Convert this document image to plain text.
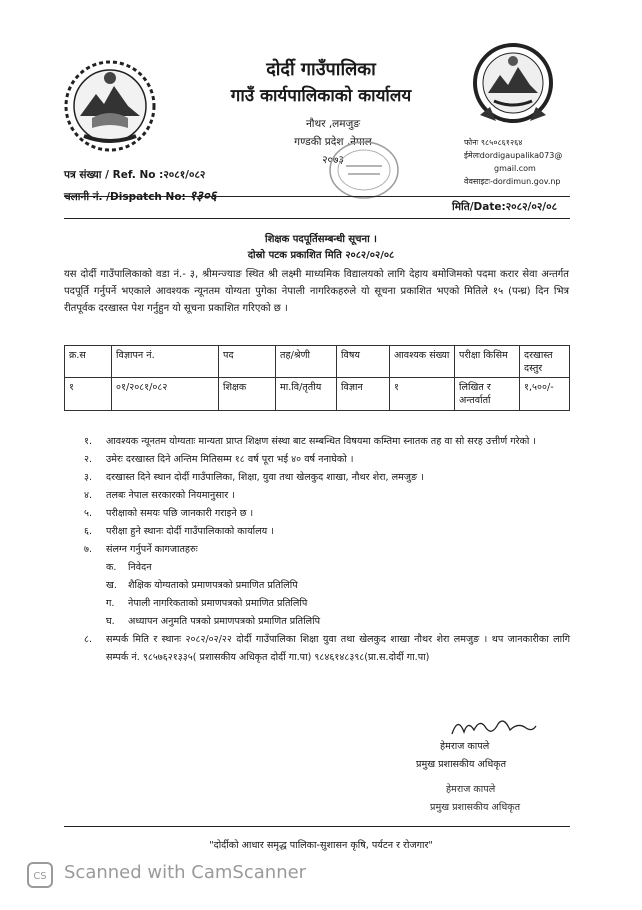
दोर्दी गाउँपालिका
गाउँ कार्यपालिकाको कार्यालय
नौथर ,लमजुङ
गण्डकी प्रदेश ,नेपाल
२०७३
फोनः ९८५०८६१२६४
ईमेलःdordigaupalika073@
gmail.com
वेवसाइटः-dordimun.gov.np
पत्र संख्या / Ref. No :२०८१/०८२
चलानी नं. /Dispatch No: १३०६
मिति/Date:२०८२/०२/०८
शिक्षक पदपूर्तिसम्बन्धी सूचना ।
दोस्रो पटक प्रकाशित मिति २०८२/०२/०८
यस दोर्दी गाउँपालिकाको वडा नं.- ३, श्रीमन्ज्याङ स्थित श्री लक्ष्मी माध्यमिक विद्यालयको लागि देहाय बमोजिमको पदमा करार सेवा अन्तर्गत पदपूर्ति गर्नुपर्ने भएकाले आवश्यक न्यूनतम योग्यता पुगेका नेपाली नागरिकहरुले यो सूचना प्रकाशित भएको मितिले १५ (पन्ध्र) दिन भित्र रीतपूर्वक दरखास्त पेश गर्नुहुन यो सूचना प्रकाशित गरिएको छ ।
क्र.स	विज्ञापन नं.	पद	तह/श्रेणी	विषय	आवश्यक संख्या	परीक्षा किसिम	दरखास्त दस्तुर
१	०१/२०८१/०८२	शिक्षक	मा.वि/तृतीय	विज्ञान	१	लिखित र अन्तर्वार्ता	१,५००/-
१.	आवश्यक न्यूनतम योग्यताः मान्यता प्राप्त शिक्षण संस्था बाट सम्बन्धित विषयमा कम्तिमा स्नातक तह वा सो सरह उत्तीर्ण गरेको ।
२.	उमेरः दरखास्त दिने अन्तिम मितिसम्म १८ वर्ष पूरा भई ४० वर्ष ननाघेको ।
३.	दरखास्त दिने स्थान दोर्दी गाउँपालिका, शिक्षा, युवा तथा खेलकुद शाखा, नौथर शेरा, लमजुङ ।
४.	तलबः नेपाल सरकारको नियमानुसार ।
५.	परीक्षाको समयः पछि जानकारी गराइने छ ।
६.	परीक्षा हुने स्थानः दोर्दी गाउँपालिकाको कार्यालय ।
७.	संलग्न गर्नुपर्ने कागजातहरुः
क.	निवेदन
ख.	शैक्षिक योग्यताको प्रमाणपत्रको प्रमाणित प्रतिलिपि
ग.	नेपाली नागरिकताको प्रमाणपत्रको प्रमाणित प्रतिलिपि
घ.	अध्यापन अनुमति पत्रको प्रमाणपत्रको प्रमाणित प्रतिलिपि
८.	सम्पर्क मिति र स्थानः २०८२/०२/२२ दोर्दी गाउँपालिका शिक्षा युवा तथा खेलकुद शाखा नौथर शेरा लमजुङ । थप जानकारीका लागि सम्पर्क नं. ९८५७६२१३३५( प्रशासकीय अधिकृत दोर्दी गा.पा) ९८४६१४८३९८(प्रा.स.दोर्दी गा.पा)
हेमराज कापले
प्रमुख प्रशासकीय अधिकृत
हेमराज कापले
प्रमुख प्रशासकीय अधिकृत
"दोर्दीको आधार समृद्ध पालिका-सुशासन कृषि, पर्यटन र रोजगार"
CS Scanned with CamScanner
